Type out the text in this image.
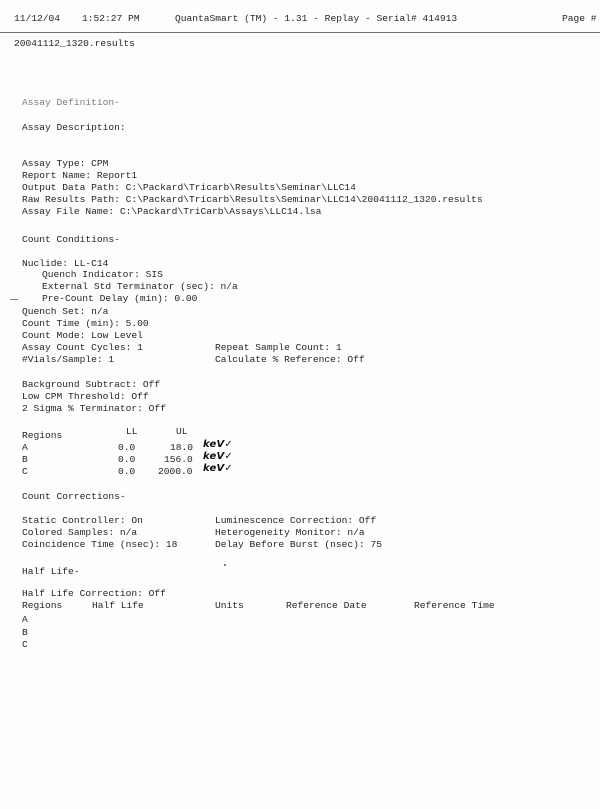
11/12/04 1:52:27 PM	QuantaSmart (TM) - 1.31 - Replay - Serial# 414913	Page #
20041112_1320.results
Assay Definition-
Assay Description:
Assay Type: CPM
Report Name: Report1
Output Data Path: C:\Packard\Tricarb\Results\Seminar\LLC14
Raw Results Path: C:\Packard\Tricarb\Results\Seminar\LLC14\20041112_1320.results
Assay File Name: C:\Packard\TriCarb\Assays\LLC14.lsa
Count Conditions-
Nuclide: LL-C14
Quench Indicator: SIS
External Std Terminator (sec): n/a
Pre-Count Delay (min): 0.00
Quench Set: n/a
Count Time (min): 5.00
Count Mode: Low Level
Assay Count Cycles: 1	Repeat Sample Count: 1
#Vials/Sample: 1	Calculate % Reference: Off
Background Subtract: Off
Low CPM Threshold: Off
2 Sigma % Terminator: Off
Regions	LL	UL
A	0.0	18.0 keV✓
B	0.0	156.0 keV✓
C	0.0 2000.0 keV✓
Count Corrections-
Static Controller: On	Luminescence Correction: Off
Colored Samples: n/a	Heterogeneity Monitor: n/a
Coincidence Time (nsec): 18	Delay Before Burst (nsec): 75
Half Life-
Half Life Correction: Off
Regions	Half Life	Units	Reference Date	Reference Time
A
B
C
